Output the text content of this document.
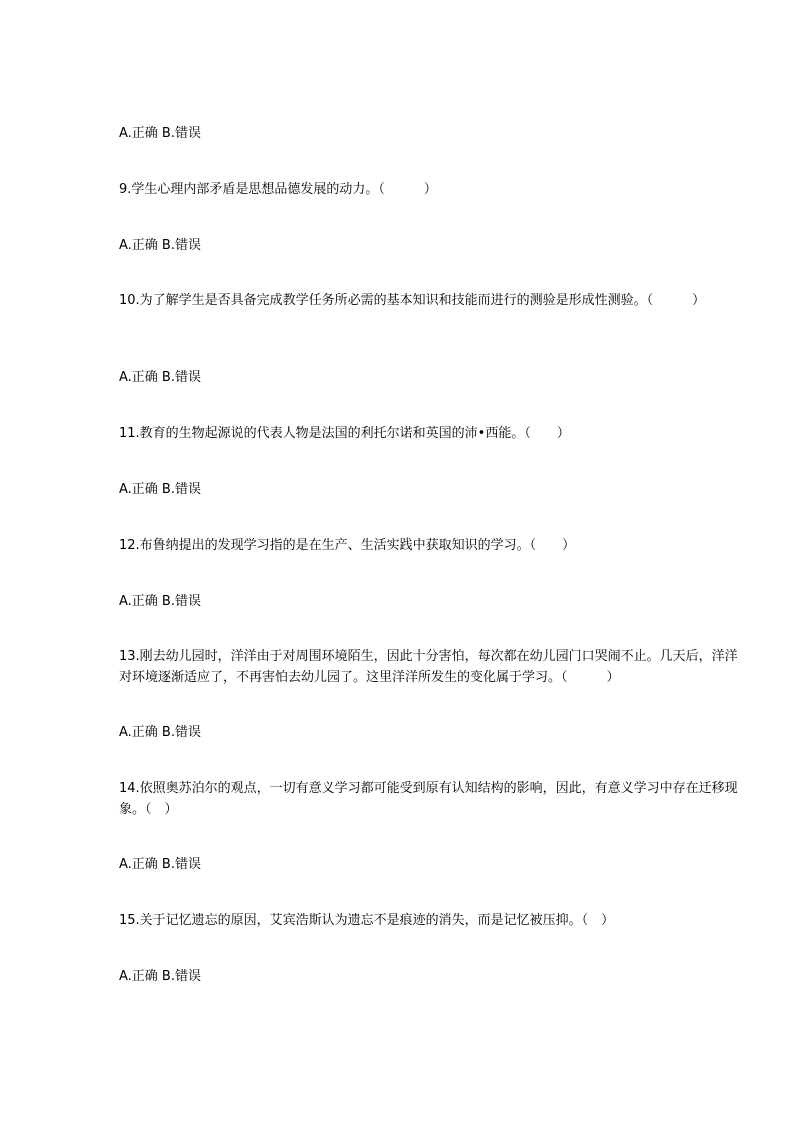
A.正确 B.错误
9.学生心理内部矛盾是思想品德发展的动力。（　　　）
A.正确 B.错误
10.为了解学生是否具备完成教学任务所必需的基本知识和技能而进行的测验是形成性测验。（　　　）
A.正确 B.错误
11.教育的生物起源说的代表人物是法国的利托尔诺和英国的沛•西能。（　　）
A.正确 B.错误
12.布鲁纳提出的发现学习指的是在生产、生活实践中获取知识的学习。（　　）
A.正确 B.错误
13.刚去幼儿园时，洋洋由于对周围环境陌生，因此十分害怕，每次都在幼儿园门口哭闹不止。几天后，洋洋对环境逐渐适应了，不再害怕去幼儿园了。这里洋洋所发生的变化属于学习。（　　　）
A.正确 B.错误
14.依照奥苏泊尔的观点，一切有意义学习都可能受到原有认知结构的影响，因此，有意义学习中存在迁移现象。（　）
A.正确 B.错误
15.关于记忆遗忘的原因，艾宾浩斯认为遗忘不是痕迹的消失，而是记忆被压抑。（　）
A.正确 B.错误
